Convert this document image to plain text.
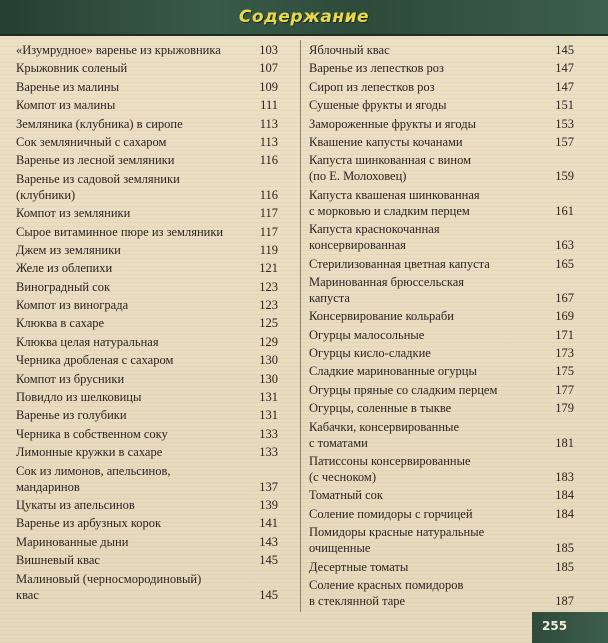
Содержание
«Изумрудное» варенье из крыжовника	103
Крыжовник соленый	107
Варенье из малины	109
Компот из малины	111
Земляника (клубника) в сиропе	113
Сок земляничный с сахаром	113
Варенье из лесной земляники	116
Варенье из садовой земляники
(клубники)	116
Компот из земляники	117
Сырое витаминное пюре из земляники	117
Джем из земляники	119
Желе из облепихи	121
Виноградный сок	123
Компот из винограда	123
Клюква в сахаре	125
Клюква целая натуральная	129
Черника дробленая с сахаром	130
Компот из брусники	130
Повидло из шелковицы	131
Варенье из голубики	131
Черника в собственном соку	133
Лимонные кружки в сахаре	133
Сок из лимонов, апельсинов,
мандаринов	137
Цукаты из апельсинов	139
Варенье из арбузных корок	141
Маринованные дыни	143
Вишневый квас	145
Малиновый (черносмородиновый)
квас	145
Яблочный квас	145
Варенье из лепестков роз	147
Сироп из лепестков роз	147
Сушеные фрукты и ягоды	151
Замороженные фрукты и ягоды	153
Квашение капусты кочанами	157
Капуста шинкованная с вином
(по Е. Молоховец)	159
Капуста квашеная шинкованная
с морковью и сладким перцем	161
Капуста краснокочанная
консервированная	163
Стерилизованная цветная капуста	165
Маринованная брюссельская
капуста	167
Консервирование кольраби	169
Огурцы малосольные	171
Огурцы кисло-сладкие	173
Сладкие маринованные огурцы	175
Огурцы пряные со сладким перцем	177
Огурцы, соленные в тыкве	179
Кабачки, консервированные
с томатами	181
Патиссоны консервированные
(с чесноком)	183
Томатный сок	184
Соление помидоры с горчицей	184
Помидоры красные натуральные
очищенные	185
Десертные томаты	185
Соление красных помидоров
в стеклянной таре	187
255
